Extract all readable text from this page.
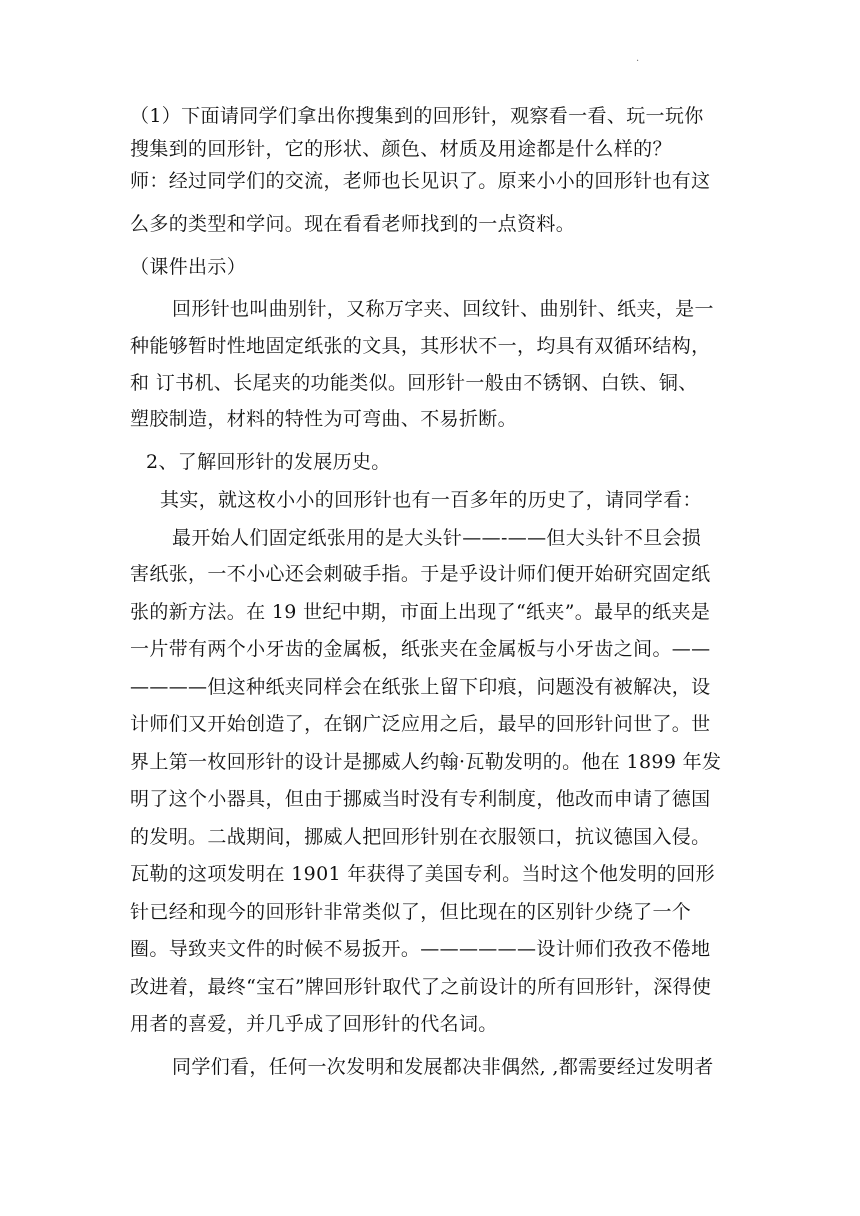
·
（1）下面请同学们拿出你搜集到的回形针，观察看一看、玩一玩你
搜集到的回形针，它的形状、颜色、材质及用途都是什么样的？
师：经过同学们的交流，老师也长见识了。原来小小的回形针也有这
么多的类型和学问。现在看看老师找到的一点资料。
（课件出示）
回形针也叫曲别针，又称万字夹、回纹针、曲别针、纸夹，是一
种能够暂时性地固定纸张的文具，其形状不一，均具有双循环结构，
和 订书机、长尾夹的功能类似。回形针一般由不锈钢、白铁、铜、
塑胶制造，材料的特性为可弯曲、不易折断。
2、了解回形针的发展历史。
其实，就这枚小小的回形针也有一百多年的历史了，请同学看：
最开始人们固定纸张用的是大头针——-——但大头针不旦会损
害纸张，一不小心还会刺破手指。于是乎设计师们便开始研究固定纸
张的新方法。在 19 世纪中期，市面上出现了“纸夹”。最早的纸夹是
一片带有两个小牙齿的金属板，纸张夹在金属板与小牙齿之间。——
————但这种纸夹同样会在纸张上留下印痕，问题没有被解决，设
计师们又开始创造了，在钢广泛应用之后，最早的回形针问世了。世
界上第一枚回形针的设计是挪威人约翰·瓦勒发明的。他在 1899 年发
明了这个小器具，但由于挪威当时没有专利制度，他改而申请了德国
的发明。二战期间，挪威人把回形针别在衣服领口，抗议德国入侵。
瓦勒的这项发明在 1901 年获得了美国专利。当时这个他发明的回形
针已经和现今的回形针非常类似了，但比现在的区别针少绕了一个
圈。导致夹文件的时候不易扳开。——————设计师们孜孜不倦地
改进着，最终“宝石”牌回形针取代了之前设计的所有回形针，深得使
用者的喜爱，并几乎成了回形针的代名词。
同学们看，任何一次发明和发展都决非偶然, ,都需要经过发明者
